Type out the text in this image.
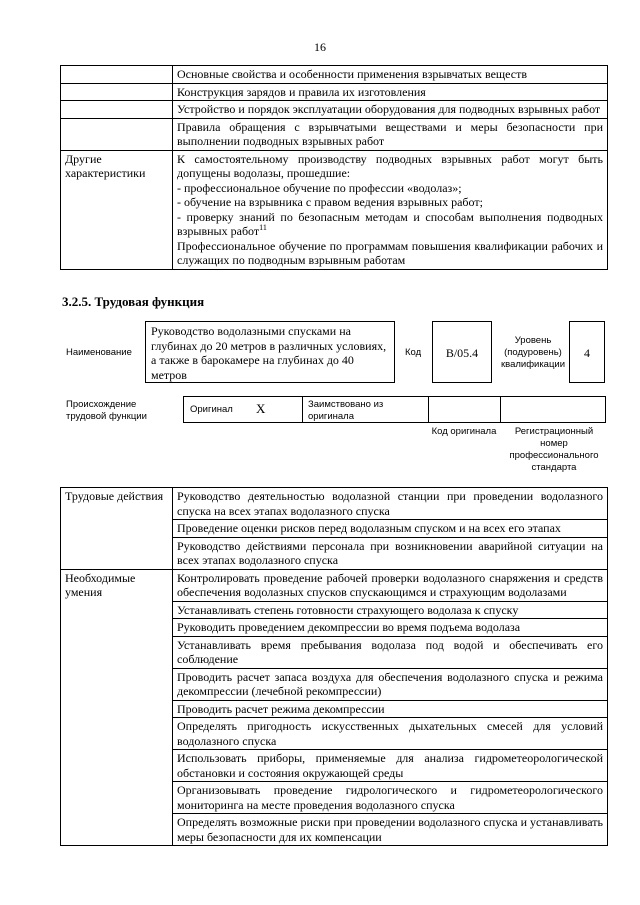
16
	Основные свойства и особенности применения взрывчатых веществ
	Конструкция зарядов и правила их изготовления
	Устройство и порядок эксплуатации оборудования для подводных взрывных работ
	Правила обращения с взрывчатыми веществами и меры безопасности при выполнении подводных взрывных работ
Другие характеристики	К самостоятельному производству подводных взрывных работ могут быть допущены водолазы, прошедшие:
- профессиональное обучение по профессии «водолаз»;
- обучение на взрывника с правом ведения взрывных работ;
- проверку знаний по безопасным методам и способам выполнения подводных взрывных работ$^{11}$
Профессиональное обучение по программам повышения квалификации рабочих и служащих по подводным взрывным работам
3.2.5. Трудовая функция
Наименование
Руководство водолазными спусками на глубинах до 20 метров в различных условиях, а также в барокамере на глубинах до 40 метров
Код	B/05.4
Уровень (подуровень) квалификации
4
Происхождение трудовой функции
Оригинал X	Заимствовано из оригинала
Код оригинала	Регистрационный номер профессионального стандарта
Трудовые действия	Руководство деятельностью водолазной станции при проведении водолазного спуска на всех этапах водолазного спуска
	Проведение оценки рисков перед водолазным спуском и на всех его этапах
	Руководство действиями персонала при возникновении аварийной ситуации на всех этапах водолазного спуска
Необходимые умения	Контролировать проведение рабочей проверки водолазного снаряжения и средств обеспечения водолазных спусков спускающимся и страхующим водолазами
	Устанавливать степень готовности страхующего водолаза к спуску
	Руководить проведением декомпрессии во время подъема водолаза
	Устанавливать время пребывания водолаза под водой и обеспечивать его соблюдение
	Проводить расчет запаса воздуха для обеспечения водолазного спуска и режима декомпрессии (лечебной рекомпрессии)
	Проводить расчет режима декомпрессии
	Определять пригодность искусственных дыхательных смесей для условий водолазного спуска
	Использовать приборы, применяемые для анализа гидрометеорологической обстановки и состояния окружающей среды
	Организовывать проведение гидрологического и гидрометеорологического мониторинга на месте проведения водолазного спуска
	Определять возможные риски при проведении водолазного спуска и устанавливать меры безопасности для их компенсации
